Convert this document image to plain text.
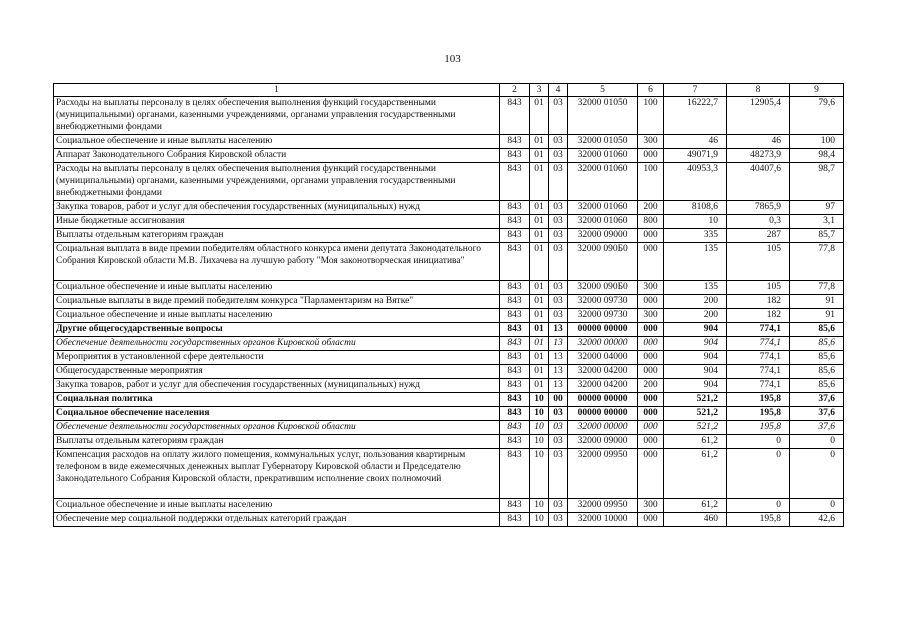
103
1	2	3	4	5	6	7	8	9
Расходы на выплаты персоналу в целях обеспечения выполнения функций государственными (муниципальными) органами, казенными учреждениями, органами управления государственными внебюджетными фондами	843	01	03	32000 01050	100	16222,7	12905,4	79,6
Социальное обеспечение и иные выплаты населению	843	01	03	32000 01050	300	46	46	100
Аппарат Законодательного Собрания Кировской области	843	01	03	32000 01060	000	49071,9	48273,9	98,4
Расходы на выплаты персоналу в целях обеспечения выполнения функций государственными (муниципальными) органами, казенными учреждениями, органами управления государственными внебюджетными фондами	843	01	03	32000 01060	100	40953,3	40407,6	98,7
Закупка товаров, работ и услуг для обеспечения государственных (муниципальных) нужд	843	01	03	32000 01060	200	8108,6	7865,9	97
Иные бюджетные ассигнования	843	01	03	32000 01060	800	10	0,3	3,1
Выплаты отдельным категориям граждан	843	01	03	32000 09000	000	335	287	85,7
Социальная выплата в виде премии победителям областного конкурса имени депутата Законодательного Собрания Кировской области М.В. Лихачева на лучшую работу "Моя законотворческая инициатива"	843	01	03	32000 090Б0	000	135	105	77,8
Социальное обеспечение и иные выплаты населению	843	01	03	32000 090Б0	300	135	105	77,8
Социальные выплаты в виде премий победителям конкурса "Парламентаризм на Вятке"	843	01	03	32000 09730	000	200	182	91
Социальное обеспечение и иные выплаты населению	843	01	03	32000 09730	300	200	182	91
Другие общегосударственные вопросы	843	01	13	00000 00000	000	904	774,1	85,6
Обеспечение деятельности государственных органов Кировской области	843	01	13	32000 00000	000	904	774,1	85,6
Мероприятия в установленной сфере деятельности	843	01	13	32000 04000	000	904	774,1	85,6
Общегосударственные мероприятия	843	01	13	32000 04200	000	904	774,1	85,6
Закупка товаров, работ и услуг для обеспечения государственных (муниципальных) нужд	843	01	13	32000 04200	200	904	774,1	85,6
Социальная политика	843	10	00	00000 00000	000	521,2	195,8	37,6
Социальное обеспечение населения	843	10	03	00000 00000	000	521,2	195,8	37,6
Обеспечение деятельности государственных органов Кировской области	843	10	03	32000 00000	000	521,2	195,8	37,6
Выплаты отдельным категориям граждан	843	10	03	32000 09000	000	61,2	0	0
Компенсация расходов на оплату жилого помещения, коммунальных услуг, пользования квартирным телефоном в виде ежемесячных денежных выплат Губернатору Кировской области и Председателю Законодательного Собрания Кировской области, прекратившим исполнение своих полномочий	843	10	03	32000 09950	000	61,2	0	0
Социальное обеспечение и иные выплаты населению	843	10	03	32000 09950	300	61,2	0	0
Обеспечение мер социальной поддержки отдельных категорий граждан	843	10	03	32000 10000	000	460	195,8	42,6
